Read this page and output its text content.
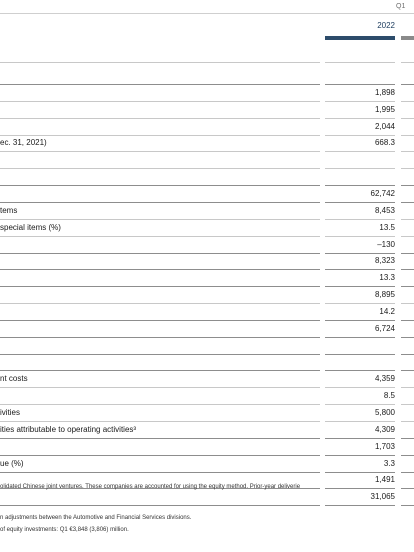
Q1
2022
1,898
1,995
2,044
ec. 31, 2021)	668.3
62,742
tems	8,453
special items (%)	13.5
–130
8,323
13.3
8,895
14.2
6,724
nt costs	4,359
8.5
ivities	5,800
ities attributable to operating activities³	4,309
1,703
ue (%)	3.3
1,491
31,065
olidated Chinese joint ventures. These companies are accounted for using the equity method. Prior-year deliverie
n adjustments between the Automotive and Financial Services divisions.
of equity investments: Q1 €3,848 (3,806) million.
